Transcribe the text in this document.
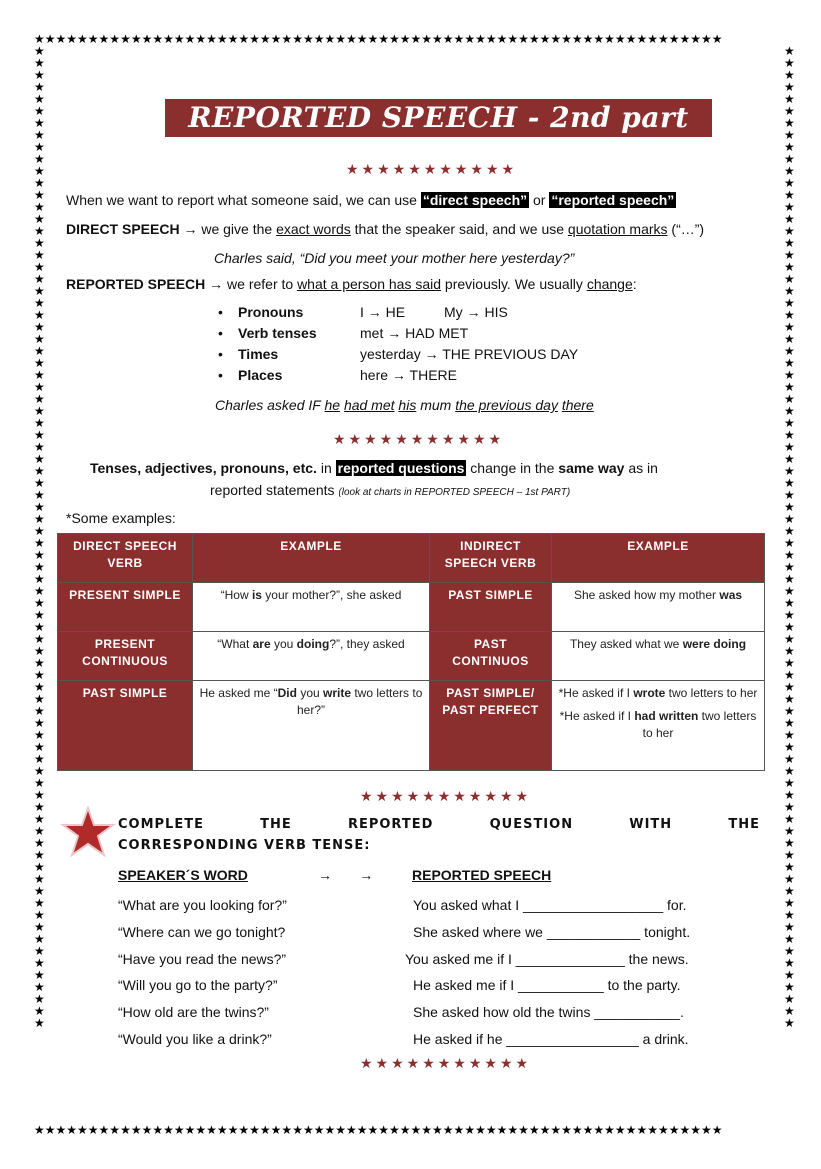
★★★★★★★★★★★★★★★★★★★★★★★★★★★★★★★★★★★★★★★★★★★★★★★★★★★★★★★★★★★★★★★★
★★★★★★★★★★★★★★★★★★★★★★★★★★★★★★★★★★★★★★★★★★★★★★★★★★★★★★★★★★★★★★★★
★★★★★★★★★★★★★★★★★★★★★★★★★★★★★★★★★★★★★★★★★★★★★★★★★★★★★★★★★★★★★★★★★★★★★★★★★★★★★★★★★★
★★★★★★★★★★★★★★★★★★★★★★★★★★★★★★★★★★★★★★★★★★★★★★★★★★★★★★★★★★★★★★★★★★★★★★★★★★★★★★★★★★
REPORTED SPEECH - 2nd part
★★★★★★★★★★★
When we want to report what someone said, we can use “direct speech” or “reported speech”
DIRECT SPEECH → we give the exact words that the speaker said, and we use quotation marks (“…”)
Charles said, “Did you meet your mother here yesterday?”
REPORTED SPEECH → we refer to what a person has said previously. We usually change:
• Pronouns	I → HE          My → HIS
• Verb tenses	met → HAD MET
• Times	yesterday → THE PREVIOUS DAY
• Places	here → THERE
Charles asked IF he had met his mum the previous day there
★★★★★★★★★★★
Tenses, adjectives, pronouns, etc. in reported questions change in the same way as in
reported statements (look at charts in REPORTED SPEECH – 1st PART)
*Some examples:
DIRECT SPEECH VERB	EXAMPLE	INDIRECT SPEECH VERB	EXAMPLE
PRESENT SIMPLE	“How is your mother?”, she asked	PAST SIMPLE	She asked how my mother was
PRESENT CONTINUOUS	“What are you doing?”, they asked	PAST CONTINUOS	They asked what we were doing
PAST SIMPLE	He asked me “Did you write two letters to her?”	PAST SIMPLE/ PAST PERFECT	*He asked if I wrote two letters to her
*He asked if I had written two letters to her
★★★★★★★★★★★
COMPLETE THE REPORTED QUESTION WITH THE
CORRESPONDING VERB TENSE:
SPEAKER´S WORD	→       →	REPORTED SPEECH
“What are you looking for?”	You asked what I __________________ for.
“Where can we go tonight?	She asked where we ____________ tonight.
“Have you read the news?”	You asked me if I ______________ the news.
“Will you go to the party?”	He asked me if I ___________ to the party.
“How old are the twins?”	She asked how old the twins ___________.
“Would you like a drink?”	He asked if he _________________ a drink.
★★★★★★★★★★★
